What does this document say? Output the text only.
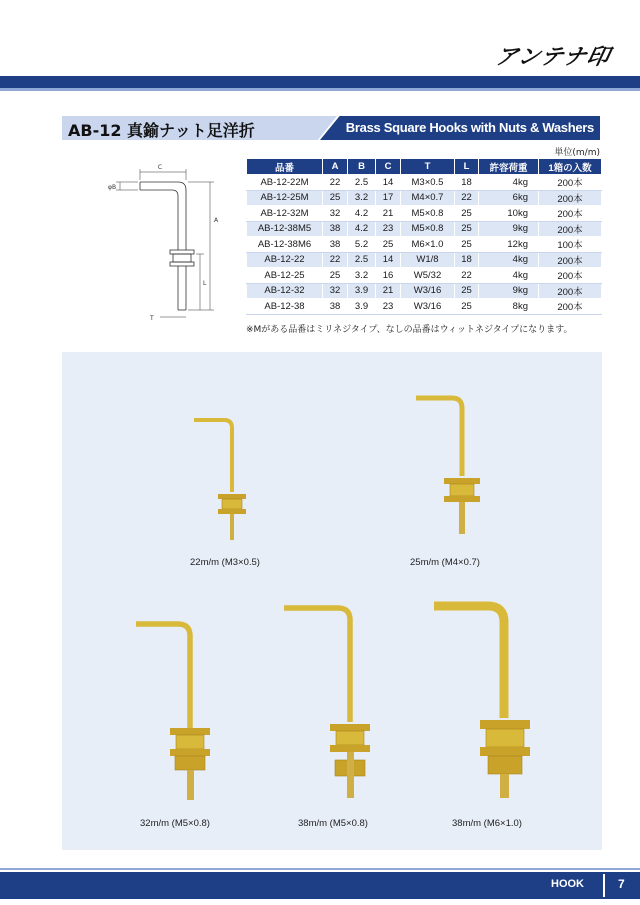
アンテナ印
AB-12 真鍮ナット足洋折	Brass Square Hooks with Nuts & Washers
単位(m/m)
C
φB
A
L
T
品番	A	B	C	T	L	許容荷重	1箱の入数
AB-12-22M	22	2.5	14	M3×0.5	18	4kg	200本
AB-12-25M	25	3.2	17	M4×0.7	22	6kg	200本
AB-12-32M	32	4.2	21	M5×0.8	25	10kg	200本
AB-12-38M5	38	4.2	23	M5×0.8	25	9kg	200本
AB-12-38M6	38	5.2	25	M6×1.0	25	12kg	100本
AB-12-22	22	2.5	14	W1/8	18	4kg	200本
AB-12-25	25	3.2	16	W5/32	22	4kg	200本
AB-12-32	32	3.9	21	W3/16	25	9kg	200本
AB-12-38	38	3.9	23	W3/16	25	8kg	200本
※Mがある品番はミリネジタイプ、なしの品番はウィットネジタイプになります。
22m/m (M3×0.5)	25m/m (M4×0.7)
32m/m (M5×0.8)	38m/m (M5×0.8)	38m/m (M6×1.0)
HOOK	7
